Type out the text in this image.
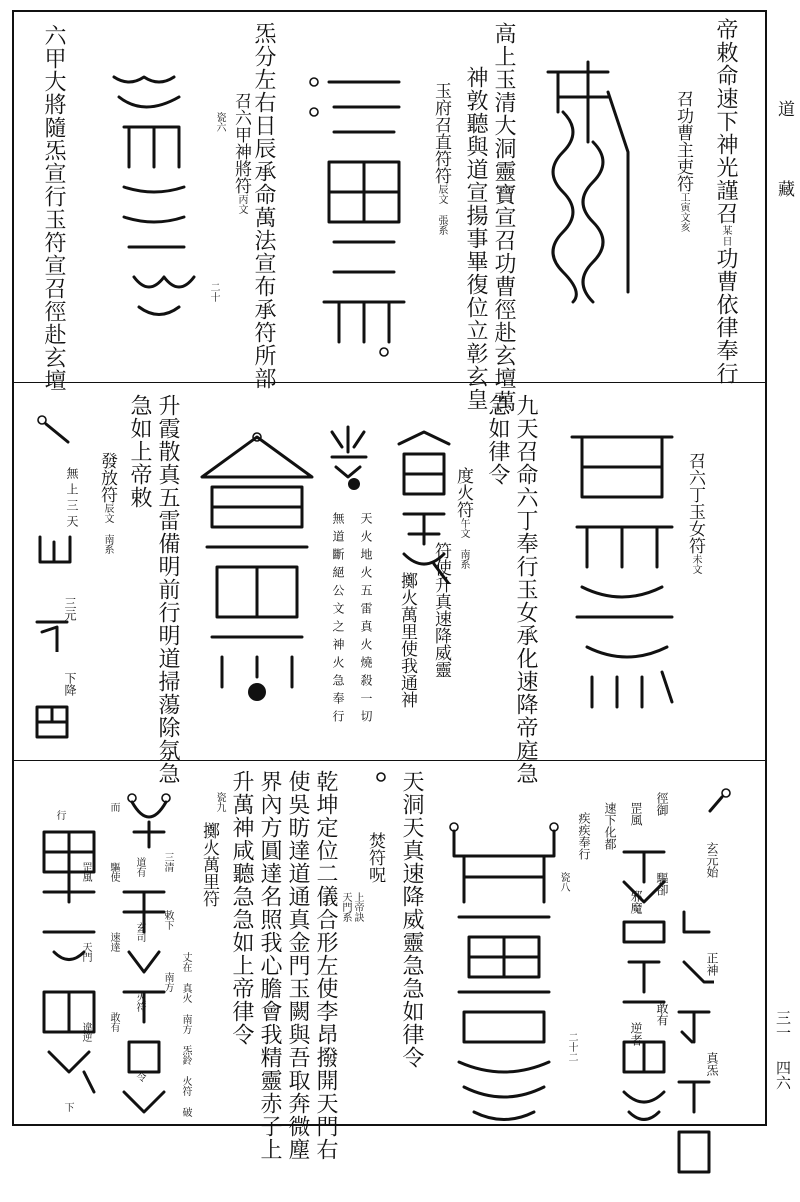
道
藏
三一
四六
帝敕命速下神光謹召某日功曹依律奉行
召功曹主吏符工寅文亥
高上玉清大洞靈寶宣召功曹徑赴玄壇萬
神敦聽與道宣揚事畢復位立彰玄皇
玉府召直符符辰文 張系
召六甲神將符丙文
瓷六 炁分左右日辰承命萬法宣布承符所部
二十
六甲大將隨炁宣行玉符宣召徑赴玄壇
召六丁玉女符未文
九天召命六丁奉行玉女承化速降帝庭急
急如律令
度火符午文 南系
符使升真速降威靈
擲火萬里使我通神
天火地火五雷真火燒殺一切
無道斷絕公文之神火急奉行
升霞散真五雷備明前行明道掃蕩除氛急
急如上帝敕
發放符辰文 南系
無上三天
三元
下降
玄元始
正神
真炁
徑御
驅卻
敢有
罡風
邪魔
逆者
速下化都
疾疾奉行
瓷八
二十二
天洞天真速降威靈急急如律令
焚符呪
上帝訣
天門系
乾坤定位二儀合形左使李昂撥開天門右
使吳昉達道通真金門玉闕與吾取奔微塵
界內方圓達名照我心膽會我精靈赤子上
升萬神咸聽急急如上帝律令
擲火萬里符
瓷九
丈在 真火 南方 炁鈴 火符 破
三清
敕下
南方
道有
玄司
火符
令
而
驅使
速達
敢有
行
罡風
天門
違逆
下
